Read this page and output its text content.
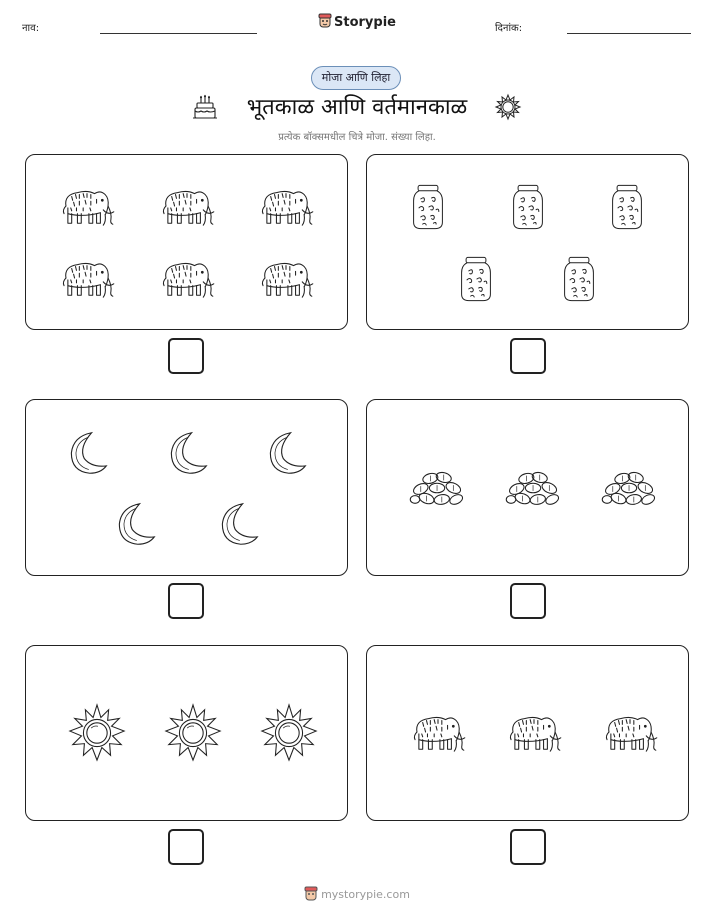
नाव:	Storypie	दिनांक:
मोजा आणि लिहा
भूतकाळ आणि वर्तमानकाळ
प्रत्येक बॉक्समधील चित्रे मोजा. संख्या लिहा.
mystorypie.com
